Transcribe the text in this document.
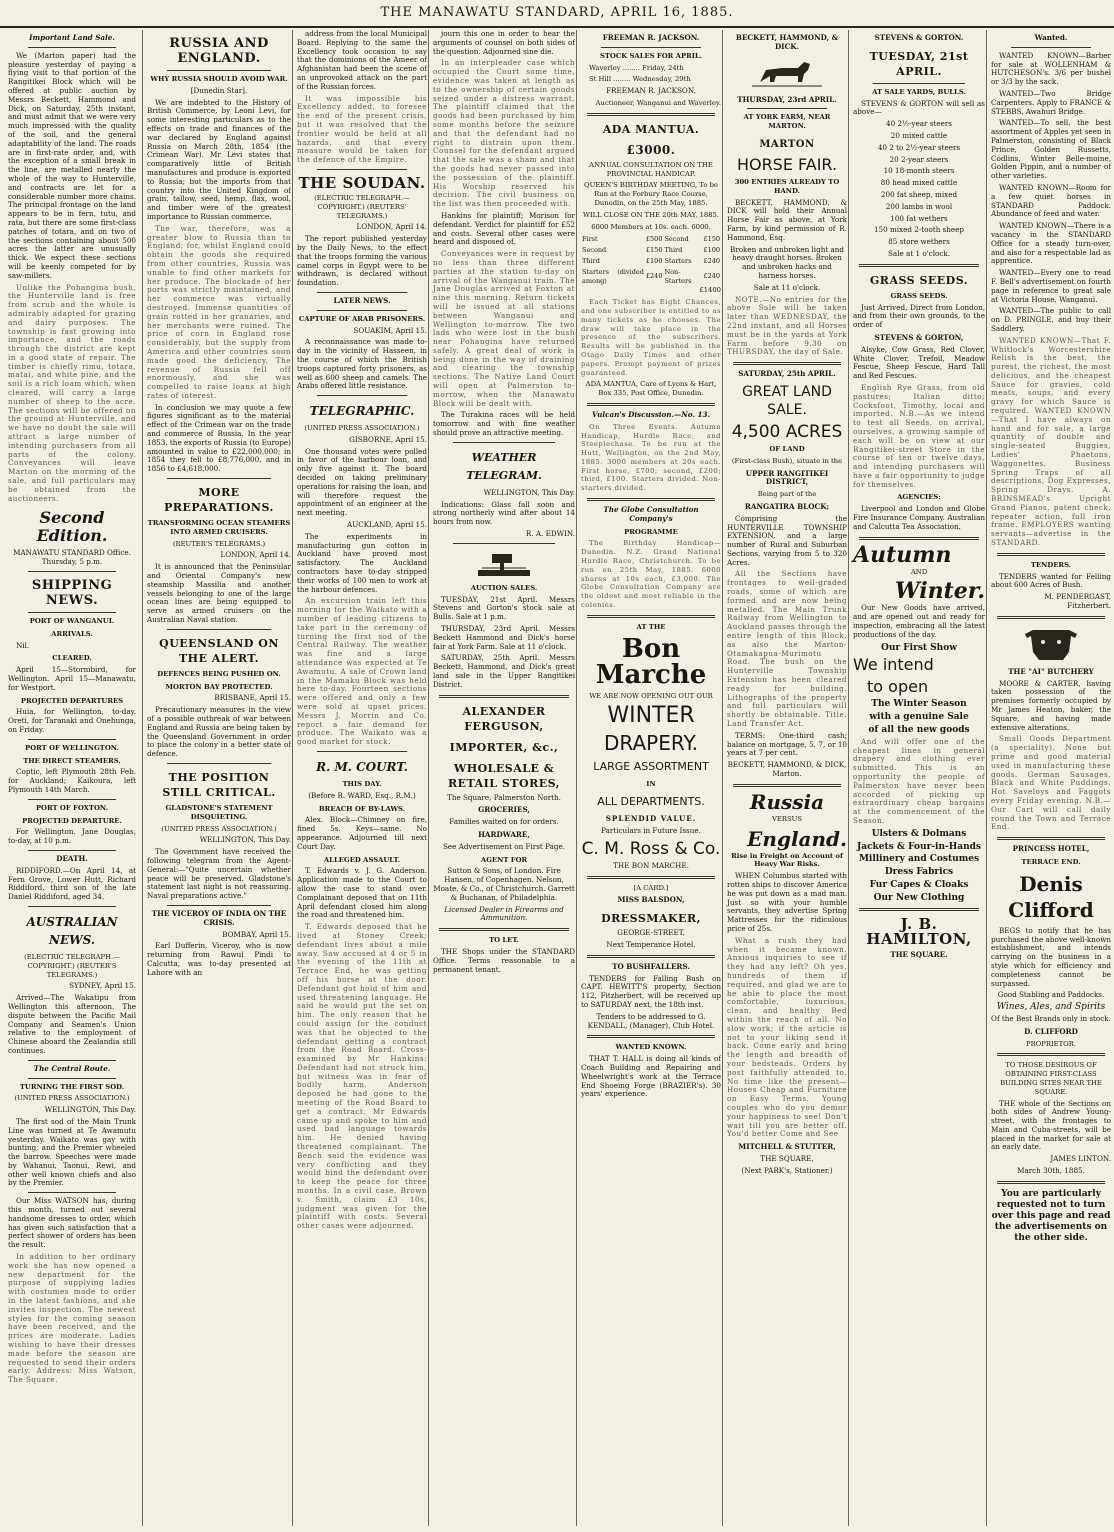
THE MANAWATU STANDARD, APRIL 16, 1885.
Important Land Sale.

We (Marton paper) had the pleasure yesterday of paying a flying visit to that portion of the Rangitikei Block which will be offered at public auction by Messrs Beckett, Hammond and Dick, on Saturday, 25th instant, and must admit that we were very much impressed with the quality of the soil, and the general adaptability of the land. The roads are in first-rate order, and, with the exception of a small break in the line, are metalled nearly the whole of the way to Hunterville, and contracts are let for a considerable number more chains. The principal frontage on the land appears to be in fern, tutu, and rata, but there are some first-class patches of totara, and on two of the sections containing about 500 acres the latter are unusually thick. We expect these sections will be keenly competed for by saw-millers.

Unlike the Pohangina bush, the Hunterville land is free from scrub and the whole is admirably adapted for grazing and dairy purposes. The township is fast growing into importance, and the roads through the district are kept in a good state of repair. The timber is chiefly rimu, totara, matai, and white pine, and the soil is a rich loam which, when cleared, will carry a large number of sheep to the acre. The sections will be offered on the ground at Hunterville, and we have no doubt the sale will attract a large number of intending purchasers from all parts of the colony. Conveyances will leave Marton on the morning of the sale, and full particulars may be obtained from the auctioneers.

Second Edition.

MANAWATU STANDARD Office. Thursday, 5 p.m.

SHIPPING NEWS.
PORT OF WANGANUI.
ARRIVALS.

Nil.

CLEARED.

April 15—Stormbird, for Wellington. April 15—Manawatu, for Westport.

PROJECTED DEPARTURES

Huia, for Wellington, to-day. Oreti, for Taranaki and Onehunga, on Friday.

PORT OF WELLINGTON.
THE DIRECT STEAMERS.

Coptic, left Plymouth 28th Feb. for Auckland; Kaikoura, left Plymouth 14th March.

PORT OF FOXTON.
PROJECTED DEPARTURE.

For Wellington. Jane Douglas, to-day, at 10 p.m.

DEATH.

RIDDIFORD.—On April 14, at Fern Grove, Lower Hutt, Richard Riddiford, third son of the late Daniel Riddiford, aged 34.

AUSTRALIAN NEWS.

(ELECTRIC TELEGRAPH.—COPYRIGHT.) (REUTER'S TELEGRAMS.)

SYDNEY, April 15.

Arrived—The Wakatipu from Wellington this afternoon. The dispute between the Pacific Mail Company and Seamen's Union relative to the employment of Chinese aboard the Zealandia still continues.

The Central Route.
TURNING THE FIRST SOD.

(UNITED PRESS ASSOCIATION.)

WELLINGTON, This Day.

The first sod of the Main Trunk Line was turned at Te Awamutu yesterday. Waikato was gay with bunting, and the Premier wheeled the barrow. Speeches were made by Wahanui, Taonui, Rewi, and other well known chiefs and also by the Premier.

Our Miss WATSON has, during this month, turned out several handsome dresses to order, which has given such satisfaction that a perfect shower of orders has been the result.

In addition to her ordinary work she has now opened a new department for the purpose of supplying ladies with costumes made to order in the latest fashions, and she invites inspection. The newest styles for the coming season have been received, and the prices are moderate. Ladies wishing to have their dresses made before the season are requested to send their orders early. Address: Miss Watson, The Square.

RUSSIA AND ENGLAND.
WHY RUSSIA SHOULD AVOID WAR.

[Dunedin Star].

We are indebted to the History of British Commerce, by Leoni Levi, for some interesting particulars as to the effects on trade and finances of the war declared by England against Russia on March 28th, 1854 (the Crimean War). Mr Levi states that comparatively little of British manufactures and produce is exported to Russia; but the imports from that country into the United Kingdom of grain, tallow, seed, hemp, flax, wool, and timber were of the greatest importance to Russian commerce.

The war, therefore, was a greater blow to Russia than to England; for, whilst England could obtain the goods she required from other countries, Russia was unable to find other markets for her produce. The blockade of her ports was strictly maintained, and her commerce was virtually destroyed. Immense quantities of grain rotted in her granaries, and her merchants were ruined. The price of corn in England rose considerably, but the supply from America and other countries soon made good the deficiency. The revenue of Russia fell off enormously, and she was compelled to raise loans at high rates of interest.

In conclusion we may quote a few figures significant as to the material effect of the Crimean war on the trade and commerce of Russia. In the year 1853, the exports of Russia (to Europe) amounted in value to £22,000,000; in 1854 they fell to £8,776,000, and in 1856 to £4,618,000.

MORE PREPARATIONS.
TRANSFORMING OCEAN STEAMERS INTO ARMED CRUISERS.

(REUTER'S TELEGRAMS.)

LONDON, April 14.

It is announced that the Peninsular and Oriental Company's new steamship Massilia and another vessels belonging to one of the large ocean lines are being equipped to serve as armed cruisers on the Australian Naval station.

QUEENSLAND ON THE ALERT.
DEFENCES BEING PUSHED ON.
MORTON BAY PROTECTED.

BRISBANE, April 15.

Precautionary measures in the view of a possible outbreak of war between England and Russia are being taken by the Queensland Government in order to place the colony in a better state of defence.

THE POSITION STILL CRITICAL.
GLADSTONE'S STATEMENT DISQUIETING.

(UNITED PRESS ASSOCIATION.)

WELLINGTON, This Day.

The Government have received the following telegram from the Agent-General:—"Quite uncertain whether peace will be preserved. Gladstone's statement last night is not reassuring. Naval preparations active."

THE VICEROY OF INDIA ON THE CRISIS.

BOMBAY, April 15.

Earl Dufferin, Viceroy, who is now returning from Rawul Pindi to Calcutta, was to-day presented at Lahore with an

address from the local Municipal Board. Replying to the same the Excellency took occasion to say that the dominions of the Ameer of Afghanistan had been the scene of an unprovoked attack on the part of the Russian forces.

It was impossible his Excellency added, to foresee the end of the present crisis, but it was resolved that the frontier would be held at all hazards, and that every measure would be taken for the defence of the Empire.

THE SOUDAN.

(ELECTRIC TELEGRAPH.—COPYRIGHT.) (REUTERS' TELEGRAMS.)

LONDON, April 14.

The report published yesterday by the Daily News, to the effect that the troops forming the various camel corps in Egypt were to be withdrawn, is declared without foundation.

LATER NEWS.
CAPTURE OF ARAB PRISONERS.

SOUAKIM, April 15.

A reconnaissance was made to-day in the vicinity of Hasseen, in the course of which the British troops captured forty prisoners, as well as 600 sheep and camels. The Arabs offered little resistance.

TELEGRAPHIC.

(UNITED PRESS ASSOCIATION.)

GISBORNE, April 15.

One thousand votes were polled in favor of the harbour loan, and only five against it. The board decided on taking preliminary operations for raising the loan, and will therefore request the appointment of an engineer at the next meeting.

AUCKLAND, April 15.

The experiments in manufacturing gun cotton in Auckland have proved most satisfactory. The Auckland contractors have to-day stripped their works of 100 men to work at the harbour defences.

An excursion train left this morning for the Waikato with a number of leading citizens to take part in the ceremony of turning the first sod of the Central Railway. The weather was fine and a large attendance was expected at Te Awamutu. A sale of Crown land in the Mamaku Block was held here to-day. Fourteen sections were offered and only a few were sold at upset prices. Messrs J. Morrin and Co. report a fair demand for produce. The Waikato was a good market for stock.

R. M. COURT.
THIS DAY.

(Before R. WARD, Esq., R.M.)

BREACH OF BY-LAWS.

Alex. Block—Chimney on fire, fined 5s. Keys—same. No appearance. Adjourned till next Court Day.

ALLEGED ASSAULT.

T. Edwards v. J. G. Anderson. Application made to the Court to allow the case to stand over. Complainant deposed that on 11th April defendant closed him along the road and threatened him.

T. Edwards deposed that he lived at Stoney Creek; defendant lives about a mile away. Saw accused at 4 or 5 in the evening of the 11th at Terrace End, he was getting off his horse at the door. Defendant got hold of him and used threatening language. He said he would put the set on him. The only reason that he could assign for the conduct was that he objected to the defendant getting a contract from the Road Board. Cross-examined by Mr Hankins: Defendant had not struck him, but witness was in fear of bodily harm. Anderson deposed he had gone to the meeting of the Road Board to get a contract. Mr Edwards came up and spoke to him and used bad language towards him. He denied having threatened complainant. The Bench said the evidence was very conflicting and they would bind the defendant over to keep the peace for three months. In a civil case, Brown v. Smith, claim £3 10s, judgment was given for the plaintiff with costs. Several other cases were adjourned.

journ this one in order to hear the arguments of counsel on both sides of the question. Adjourned sine die.

In an interpleader case which occupied the Court some time, evidence was taken at length as to the ownership of certain goods seized under a distress warrant. The plaintiff claimed that the goods had been purchased by him some months before the seizure and that the defendant had no right to distrain upon them. Counsel for the defendant argued that the sale was a sham and that the goods had never passed into the possession of the plaintiff. His Worship reserved his decision. The civil business on the list was then proceeded with.

Hankins for plaintiff; Morison for defendant. Verdict for plaintiff for £52 and costs. Several other cases were heard and disposed of.

Conveyances were in request by no less than three different parties at the station to-day on arrival of the Wanganui train. The Jane Douglas arrived at Foxton at nine this morning. Return tickets will be issued at all stations between Wanganui and Wellington to-morrow. The two lads who were lost in the bush near Pohangina have returned safely. A great deal of work is being done in the way of draining and clearing the township sections. The Native Land Court will open at Palmerston to-morrow, when the Manawatu Block will be dealt with.

The Turakina races will be held tomorrow and with fine weather should prove an attractive meeting.

WEATHER TELEGRAM.

WELLINGTON, This Day.

Indications: Glass fall soon and strong northerly wind after about 14 hours from now.

R. A. EDWIN.

AUCTION SALES.

TUESDAY, 21st April. Messrs Stevens and Gorton's stock sale at Bulls. Sale at 1 p.m.

THURSDAY, 23rd April. Messrs Beckett Hammond and Dick's horse fair at York Farm. Sale at 11 o'clock.

SATURDAY, 25th April. Messrs Beckett, Hammond, and Dick's great land sale in the Upper Rangitikei District.

ALEXANDER FERGUSON,
IMPORTER, &c.,
WHOLESALE & RETAIL STORES,

The Square, Palmerston North.

GROCERIES,

Families waited on for orders.

HARDWARE,

See Advertisement on First Page.

AGENT FOR

Sutton & Sons, of London. Fire Hansen, of Copenhagen. Nelson, Moate, & Co., of Christchurch. Garrett & Buchanan, of Philadelphia.

Licensed Dealer in Firearms and Ammunition.

TO LET.

THE Shops under the STANDARD Office. Terms reasonable to a permanent tenant.

FREEMAN R. JACKSON.
STOCK SALES FOR APRIL.

Waverley ........ Friday, 24th

St Hill ........ Wednesday, 29th

FREEMAN R. JACKSON,

Auctioneer, Wanganui and Waverley.

ADA MANTUA.
£3000.

ANNUAL CONSULTATION ON THE PROVINCIAL HANDICAP.

QUEEN'S BIRTHDAY MEETING, To be Run at the Forbury Race Course, Dunedin, on the 25th May, 1885.

WILL CLOSE ON THE 20th MAY, 1885.

6000 Members at 10s. each. 6000.

First	£500	Second	£150
Second	£150	Third	£100
Third	£100	Starters	£240
Starters (divided among)	£240	Non-Starters	£240

£1400

Each Ticket has Eight Chances, and one subscriber is entitled to as many tickets as he chooses. The draw will take place in the presence of the subscribers. Results will be published in the Otago Daily Times and other papers. Prompt payment of prizes guaranteed.

ADA MANTUA, Care of Lyons & Hart, Box 335, Post Office, Dunedin.

Vulcan's Discussion.—No. 13.

On Three Events. Autumn Handicap, Hurdle Race, and Steeplechase. To be run at the Hutt, Wellington, on the 2nd May, 1885. 3000 members at 20s each. First horse, £700; second, £200; third, £100. Starters divided. Non-starters divided.

The Globe Consultation Company's
PROGRAMME

The Birthday Handicap—Dunedin. N.Z. Grand National Hurdle Race, Christchurch. To be run on 25th May, 1885. 6000 shares at 10s each, £3,000. The Globe Consultation Company are the oldest and most reliable in the colonies.

AT THE
Bon Marche

WE ARE NOW OPENING OUT OUR

WINTER
DRAPERY.
LARGE ASSORTMENT
IN
ALL DEPARTMENTS.
SPLENDID VALUE.

Particulars in Future Issue.

C. M. Ross & Co.

THE BON MARCHE.

[A CARD.]

MISS BALSDON,
DRESSMAKER,

GEORGE-STREET,

Next Temperance Hotel.

TO BUSHFALLERS.

TENDERS for Falling Bush on CAPT. HEWITT'S property, Section 112, Fitzherbert, will be received up to SATURDAY next, the 18th inst.

Tenders to be addressed to G. KENDALL, (Manager), Club Hotel.

WANTED KNOWN.

THAT T. HALL is doing all kinds of Coach Building and Repairing and Wheelwright's work at the Terrace End Shoeing Forge (BRAZIER's). 30 years' experience.

BECKETT, HAMMOND, & DICK.
THURSDAY, 23rd APRIL.
AT YORK FARM, NEAR MARTON.
MARTON
HORSE FAIR.
300 ENTRIES ALREADY TO HAND.

BECKETT, HAMMOND, & DICK will hold their Annual Horse Fair as above, at York Farm, by kind permission of R. Hammond, Esq.

Broken and unbroken light and heavy draught horses. Broken and unbroken hacks and harness horses.

Sale at 11 o'clock.

NOTE.—No entries for the above Sale will be taken later than WEDNESDAY, the 22nd instant, and all Horses must be in the yards at York Farm before 9.30 on THURSDAY, the day of Sale.

SATURDAY, 25th APRIL.
GREAT LAND SALE.
4,500 ACRES
OF LAND

(First-class Bush), situate in the

UPPER RANGITIKEI DISTRICT,

Being part of the

RANGATIRA BLOCK;

Comprising the HUNTERVILLE TOWNSHIP EXTENSION, and a large number of Rural and Suburban Sections, varying from 5 to 320 Acres.

All the Sections have frontages to well-graded roads, some of which are formed and are now being metalled. The Main Trunk Railway from Wellington to Auckland passes through the entire length of this Block, as also the Marton-Otamakapua-Murimotu Road. The bush on the Hunterville Township Extension has been cleared ready for building. Lithographs of the property and full particulars will shortly be obtainable. Title, Land Transfer Act.

TERMS: One-third cash; balance on mortgage, 5, 7, or 10 years at 7 per cent.

BECKETT, HAMMOND, & DICK, Marton.

Russia

VERSUS

England.
Rise in Freight on Account of Heavy War Risks.

WHEN Columbus started with rotten ships to discover America he was put down as a mad man. Just so with your humble servants, they advertise Spring Mattresses for the ridiculous price of 25s.

What a rush they had when it became known. Anxious inquiries to see if they had any left? Oh yes, hundreds of them if required, and glad we are to be able to place the most comfortable, luxurious, clean, and healthy Bed within the reach of all. No slow work; if the article is not to your liking send it back. Come early and bring the length and breadth of your bedsteads. Orders by post faithfully attended to. No time like the present—Houses Cheap and Furniture on Easy Terms. Young couples who do you demur your happiness to see! Don't wait till you are better off. You'd better Come and See

MITCHELL & STUTTER,

THE SQUARE,

(Next PARK's, Stationer.)

STEVENS & GORTON.
TUESDAY, 21st APRIL.
AT SALE YARDS, BULLS.

STEVENS & GORTON will sell as above—

40 2½-year steers

20 mixed cattle

40 2 to 2½-year steers

20 2-year steers

10 18-month steers

80 head mixed cattle

200 fat sheep, mixed

200 lambs in wool

100 fat wethers

150 mixed 2-tooth sheep

85 store wethers

Sale at 1 o'clock.

GRASS SEEDS.
GRASS SEEDS.

Just Arrived, Direct from London, and from their own grounds, to the order of

STEVENS & GORTON,

Alsyke, Cow Grass, Red Clover, White Clover, Trefoil, Meadow Fescue, Sheep Fescue, Hard Tall and Red Fescues.

English Rye Grass, from old pastures; Italian ditto; Cocksfoot, Timothy, local and imported. N.B.—As we intend to test all Seeds, on arrival, ourselves, a growing sample of each will be on view at our Rangitikei-street Store in the course of ten or twelve days, and intending purchasers will have a fair opportunity to judge for themselves.

AGENCIES:

Liverpool and London and Globe Fire Insurance Company. Australian and Calcutta Tea Association.

Autumn

AND

Winter.

Our New Goods have arrived, and are opened out and ready for inspection, embracing all the latest productions of the day.

Our First Show
We intend
to open
The Winter Season
with a genuine Sale
of all the new goods

And will offer one of the cheapest lines in general drapery and clothing ever submitted. This is an opportunity the people of Palmerston have never been accorded of picking up extraordinary cheap bargains at the commencement of the Season.

Ulsters & Dolmans
Jackets & Four-in-Hands
Millinery and Costumes
Dress Fabrics
Fur Capes & Cloaks
Our New Clothing
J. B. HAMILTON,
THE SQUARE.
Wanted.

WANTED KNOWN—Barber for sale at WOLLENHAM & HUTCHESON's. 3/6 per bushel or 3/3 by the sack.

WANTED—Two Bridge Carpenters. Apply to FRANCE & STEBBS, Awahuri Bridge.

WANTED—To sell, the best assortment of Apples yet seen in Palmerston, consisting of Black Prince, Golden Russetts, Codlins, Winter Belle-moine, Golden Pippin, and a number of other varieties.

WANTED KNOWN—Room for a few quiet horses in STANDARD Paddock. Abundance of feed and water.

WANTED KNOWN—There is a vacancy in the STANDARD Office for a steady turn-over, and also for a respectable lad as apprentice.

WANTED—Every one to read F. Bell's advertisement on fourth page in reference to great sale at Victoria House, Wanganui.

WANTED—The public to call on D. PRINGLE, and buy their Saddlery.

WANTED KNOWN—That F. Whitlock's Worcestershire Relish is the best, the purest, the richest, the most delicious, and the cheapest Sauce for gravies, cold meats, soups, and every gravy for which Sauce is required. WANTED KNOWN—That I have always on hand and for sale, a large quantity of double and single-seated Buggies, Ladies' Phaetons, Waggonettes, Business Spring Traps of all descriptions, Dog Expresses, Spring Drays. A. BRINSMEAD's Upright Grand Pianos, patent check, repeater action, full iron frame. EMPLOYERS wanting servants—advertise in the STANDARD.

TENDERS.

TENDERS wanted for Felling about 600 Acres of Bush.

M. PENDERGAST, Fitzherbert.

THE "AI" BUTCHERY

MOORE & CARTER, having taken possession of the premises formerly occupied by Mr James Heaton, baker, the Square, and having made extensive alterations.

Small Goods Department (a speciality). None but prime and good material used in manufacturing these goods. German Sausages, Black and White Puddings. Hot Saveloys and Faggots every Friday evening. N.B.—Our Cart will call daily round the Town and Terrace End.

PRINCESS HOTEL,
TERRACE END.
Denis Clifford

BEGS to notify that he has purchased the above well-known establishment, and intends carrying on the business in a style which for efficiency and completeness cannot be surpassed.

Good Stabling and Paddocks.

Wines, Ales, and Spirits

Of the Best Brands only in stock.

D. CLIFFORD

PROPRIETOR.

TO THOSE DESIROUS OF OBTAINING FIRST-CLASS BUILDING SITES NEAR THE SQUARE.

THE whole of the Sections on both sides of Andrew Young-street, with the frontages to Main and Cuba-streets, will be placed in the market for sale at an early date.

JAMES LINTON.

March 30th, 1885.

You are particularly requested not to turn over this page and read the advertisements on the other side.
